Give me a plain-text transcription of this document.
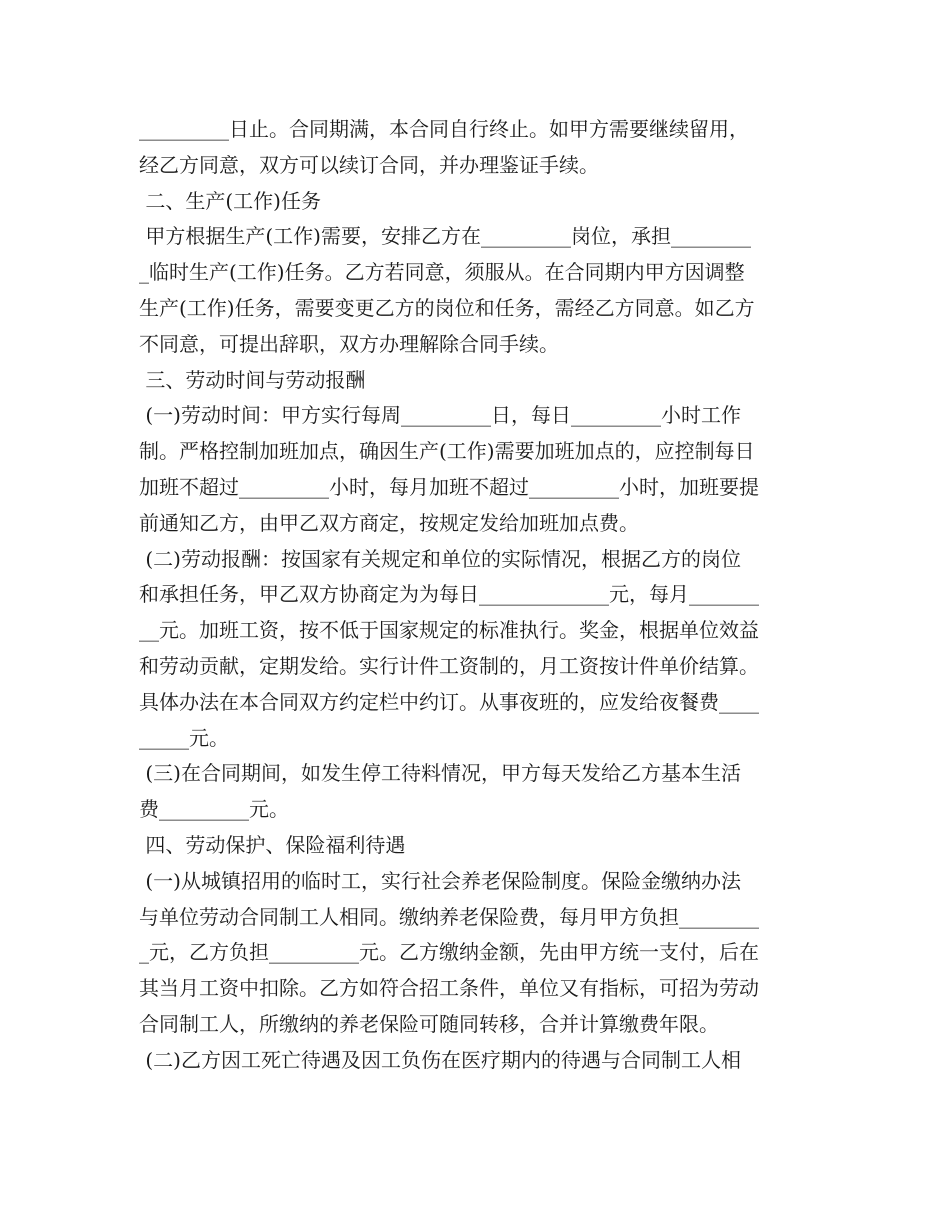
_________日止。合同期满，本合同自行终止。如甲方需要继续留用，
经乙方同意，双方可以续订合同，并办理鉴证手续。
二、生产(工作)任务
甲方根据生产(工作)需要，安排乙方在_________岗位，承担________
_临时生产(工作)任务。乙方若同意，须服从。在合同期内甲方因调整
生产(工作)任务，需要变更乙方的岗位和任务，需经乙方同意。如乙方
不同意，可提出辞职，双方办理解除合同手续。
三、劳动时间与劳动报酬
(一)劳动时间：甲方实行每周_________日，每日_________小时工作
制。严格控制加班加点，确因生产(工作)需要加班加点的，应控制每日
加班不超过_________小时，每月加班不超过_________小时，加班要提
前通知乙方，由甲乙双方商定，按规定发给加班加点费。
(二)劳动报酬：按国家有关规定和单位的实际情况，根据乙方的岗位
和承担任务，甲乙双方协商定为为每日_____________元，每月_______
__元。加班工资，按不低于国家规定的标准执行。奖金，根据单位效益
和劳动贡献，定期发给。实行计件工资制的，月工资按计件单价结算。
具体办法在本合同双方约定栏中约订。从事夜班的，应发给夜餐费____
_____元。
(三)在合同期间，如发生停工待料情况，甲方每天发给乙方基本生活
费_________元。
四、劳动保护、保险福利待遇
(一)从城镇招用的临时工，实行社会养老保险制度。保险金缴纳办法
与单位劳动合同制工人相同。缴纳养老保险费，每月甲方负担________
_元，乙方负担_________元。乙方缴纳金额，先由甲方统一支付，后在
其当月工资中扣除。乙方如符合招工条件，单位又有指标，可招为劳动
合同制工人，所缴纳的养老保险可随同转移，合并计算缴费年限。
(二)乙方因工死亡待遇及因工负伤在医疗期内的待遇与合同制工人相
